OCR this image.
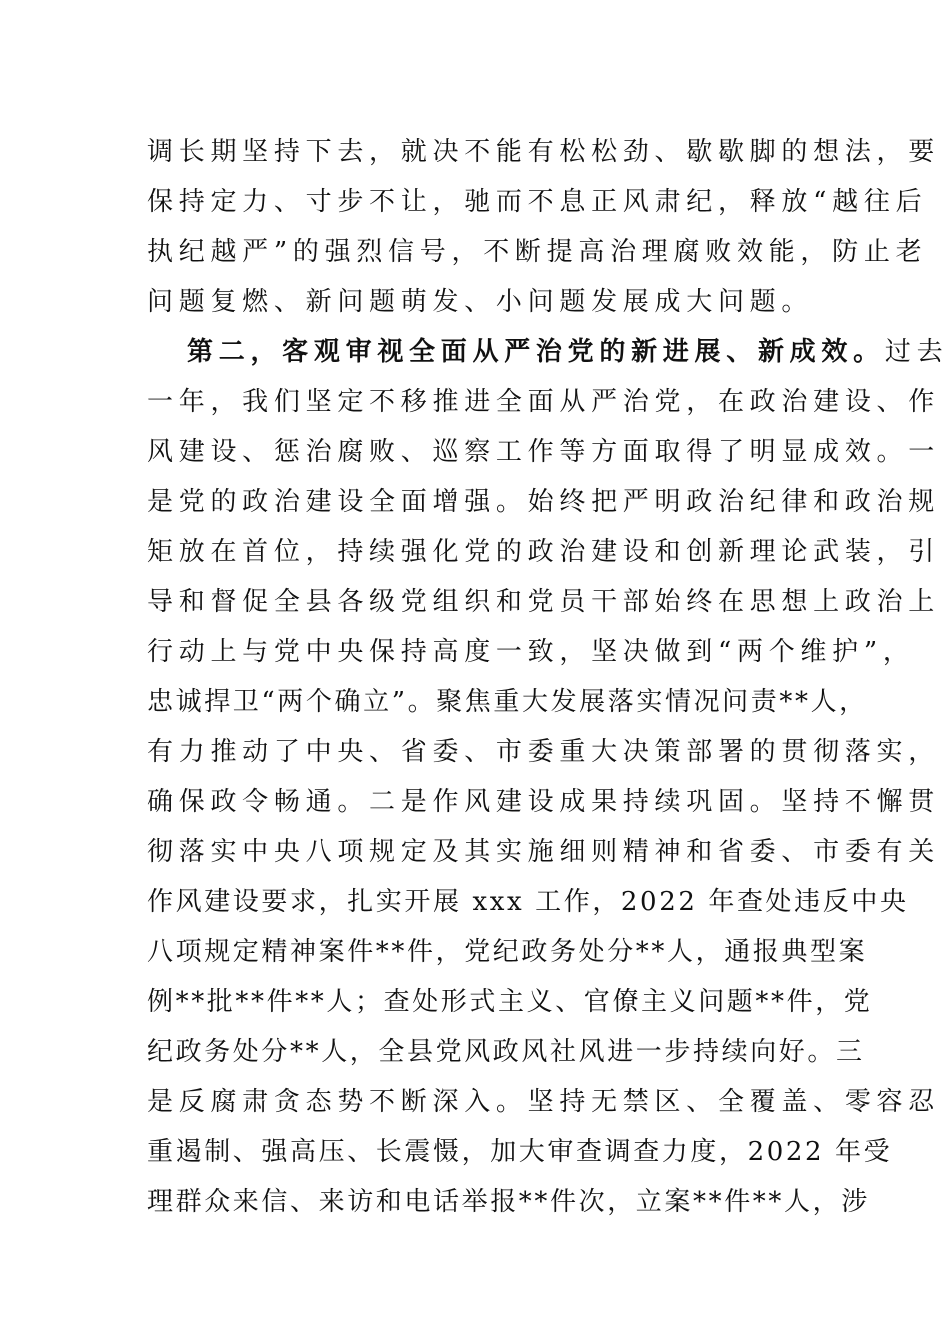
调长期坚持下去，就决不能有松松劲、歇歇脚的想法，要
保持定力、寸步不让，驰而不息正风肃纪，释放“越往后
执纪越严”的强烈信号，不断提高治理腐败效能，防止老
问题复燃、新问题萌发、小问题发展成大问题。
第二，客观审视全面从严治党的新进展、新成效。过去
一年，我们坚定不移推进全面从严治党，在政治建设、作
风建设、惩治腐败、巡察工作等方面取得了明显成效。一
是党的政治建设全面增强。始终把严明政治纪律和政治规
矩放在首位，持续强化党的政治建设和创新理论武装，引
导和督促全县各级党组织和党员干部始终在思想上政治上
行动上与党中央保持高度一致，坚决做到“两个维护”，
忠诚捍卫“两个确立”。聚焦重大发展落实情况问责**人，
有力推动了中央、省委、市委重大决策部署的贯彻落实，
确保政令畅通。二是作风建设成果持续巩固。坚持不懈贯
彻落实中央八项规定及其实施细则精神和省委、市委有关
作风建设要求，扎实开展 xxx 工作，2022 年查处违反中央
八项规定精神案件**件，党纪政务处分**人，通报典型案
例**批**件**人；查处形式主义、官僚主义问题**件，党
纪政务处分**人，全县党风政风社风进一步持续向好。三
是反腐肃贪态势不断深入。坚持无禁区、全覆盖、零容忍
重遏制、强高压、长震慑，加大审查调查力度，2022 年受
理群众来信、来访和电话举报**件次，立案**件**人，涉
